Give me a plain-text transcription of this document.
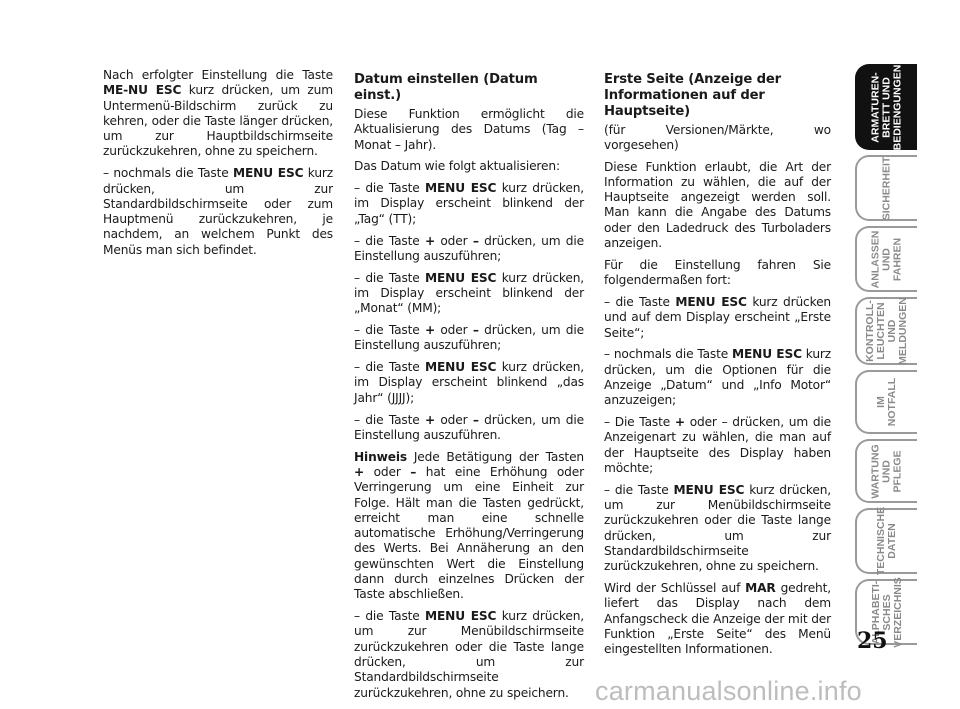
Nach erfolgter Einstellung die Taste ME-NU ESC kurz drücken, um zum Untermenü-Bildschirm zurück zu kehren, oder die Taste länger drücken, um zur Hauptbildschirmseite zurückzukehren, ohne zu speichern.

– nochmals die Taste MENU ESC kurz drücken, um zur Standardbildschirmseite oder zum Hauptmenü zurückzukehren, je nachdem, an welchem Punkt des Menüs man sich befindet.

Datum einstellen (Datum einst.)

Diese Funktion ermöglicht die Aktualisierung des Datums (Tag – Monat – Jahr).

Das Datum wie folgt aktualisieren:

– die Taste MENU ESC kurz drücken, im Display erscheint blinkend der „Tag“ (TT);

– die Taste + oder – drücken, um die Einstellung auszuführen;

– die Taste MENU ESC kurz drücken, im Display erscheint blinkend der „Monat“ (MM);

– die Taste + oder – drücken, um die Einstellung auszuführen;

– die Taste MENU ESC kurz drücken, im Display erscheint blinkend „das Jahr“ (JJJJ);

– die Taste + oder – drücken, um die Einstellung auszuführen.

Hinweis Jede Betätigung der Tasten + oder – hat eine Erhöhung oder Verringerung um eine Einheit zur Folge. Hält man die Tasten gedrückt, erreicht man eine schnelle automatische Erhöhung/Verringerung des Werts. Bei Annäherung an den gewünschten Wert die Einstellung dann durch einzelnes Drücken der Taste abschließen.

– die Taste MENU ESC kurz drücken, um zur Menübildschirmseite zurückzukehren oder die Taste lange drücken, um zur Standardbildschirmseite zurückzukehren, ohne zu speichern.

Erste Seite (Anzeige der Informationen auf der Hauptseite)

(für Versionen/Märkte, wo vorgesehen)

Diese Funktion erlaubt, die Art der Information zu wählen, die auf der Hauptseite angezeigt werden soll. Man kann die Angabe des Datums oder den Ladedruck des Turboladers anzeigen.

Für die Einstellung fahren Sie folgendermaßen fort:

– die Taste MENU ESC kurz drücken und auf dem Display erscheint „Erste Seite“;

– nochmals die Taste MENU ESC kurz drücken, um die Optionen für die Anzeige „Datum“ und „Info Motor“ anzuzeigen;

– Die Taste + oder – drücken, um die Anzeigenart zu wählen, die man auf der Hauptseite des Display haben möchte;

– die Taste MENU ESC kurz drücken, um zur Menübildschirmseite zurückzukehren oder die Taste lange drücken, um zur Standardbildschirmseite zurückzukehren, ohne zu speichern.

Wird der Schlüssel auf MAR gedreht, liefert das Display nach dem Anfangscheck die Anzeige der mit der Funktion „Erste Seite“ des Menü eingestellten Informationen.

ARMATUREN-
BRETT UND
BEDIENGUNGEN
SICHERHEIT
ANLASSEN
UND FAHREN
KONTROLL-
LEUCHTEN UND
MELDUNGEN
IM NOTFALL
WARTUNG
UND PFLEGE
TECHNISCHE
DATEN
ALPHABETI-
SCHES
VERZEICHNIS
25
carmanualsonline.info
